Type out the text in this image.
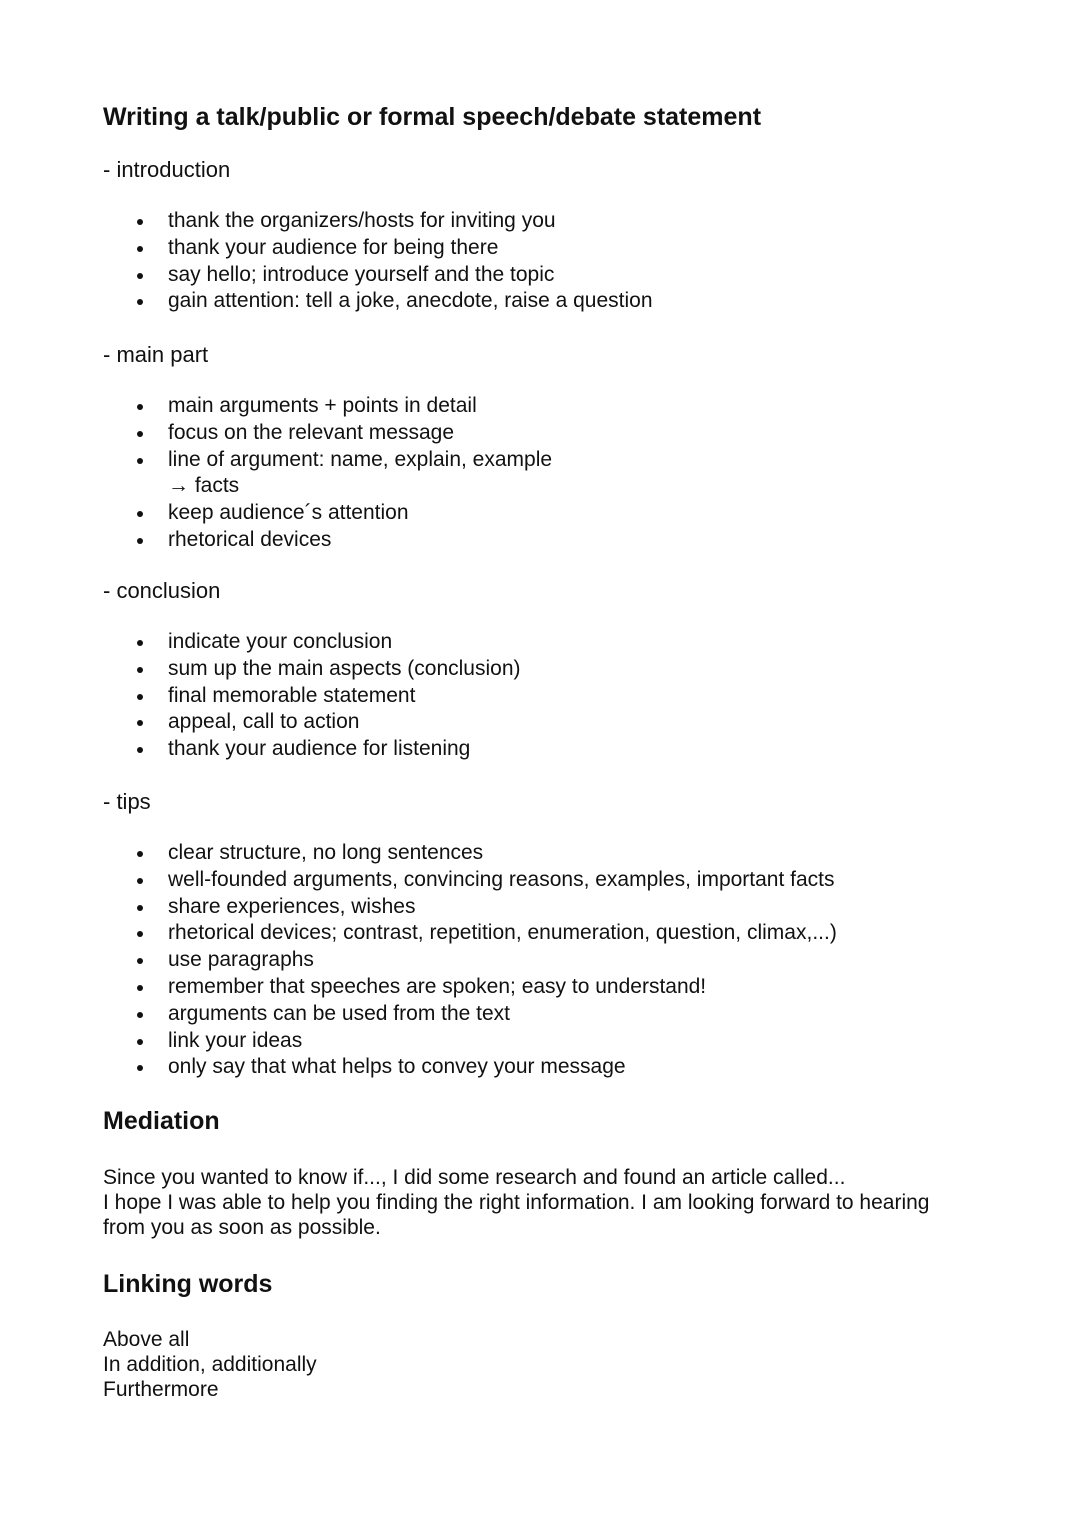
Writing a talk/public or formal speech/debate statement
- introduction
thank the organizers/hosts for inviting you
thank your audience for being there
say hello; introduce yourself and the topic
gain attention: tell a joke, anecdote, raise a question
- main part
main arguments + points in detail
focus on the relevant message
line of argument: name, explain, example
→ facts
keep audience´s attention
rhetorical devices
- conclusion
indicate your conclusion
sum up the main aspects (conclusion)
final memorable statement
appeal, call to action
thank your audience for listening
- tips
clear structure, no long sentences
well-founded arguments, convincing reasons, examples, important facts
share experiences, wishes
rhetorical devices; contrast, repetition, enumeration, question, climax,...)
use paragraphs
remember that speeches are spoken; easy to understand!
arguments can be used from the text
link your ideas
only say that what helps to convey your message
Mediation
Since you wanted to know if..., I did some research and found an article called...
I hope I was able to help you finding the right information. I am looking forward to hearing
from you as soon as possible.
Linking words
Above all
In addition, additionally
Furthermore
